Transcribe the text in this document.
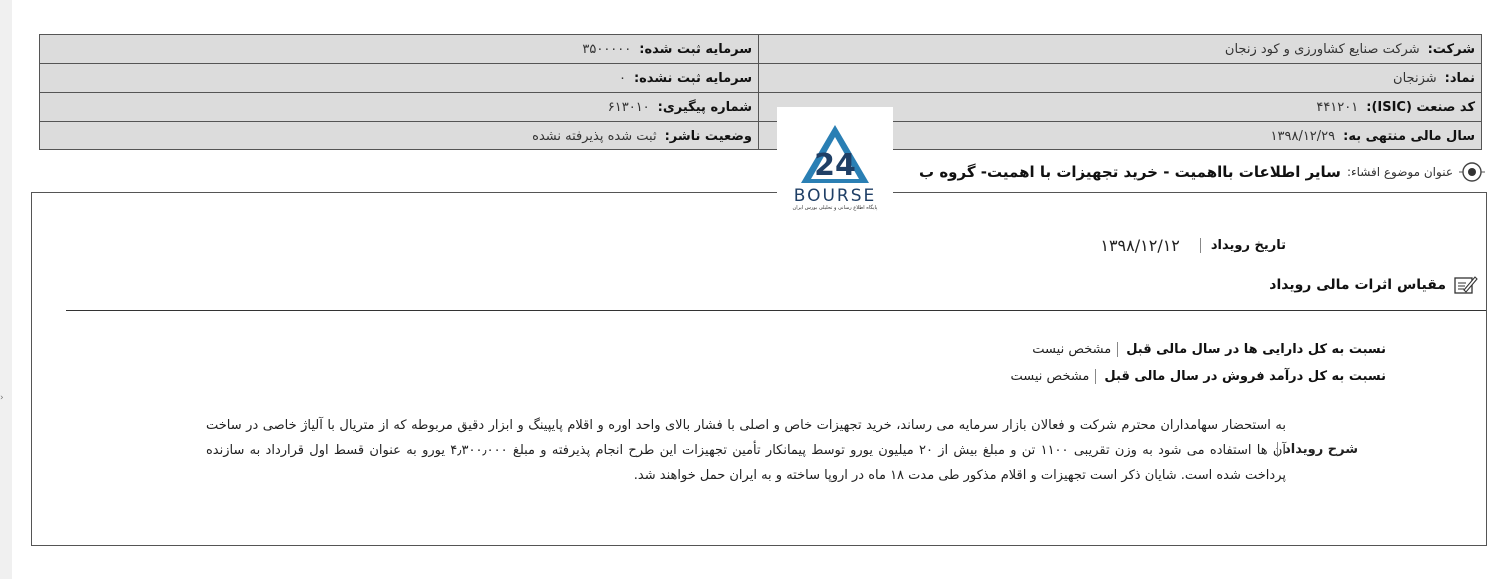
›
شرکت:
شرکت صنایع کشاورزی و کود زنجان
سرمایه ثبت شده:
۳۵۰۰۰۰۰
نماد:
شزنجان
سرمایه ثبت نشده:
۰
کد صنعت (ISIC):
۴۴۱۲۰۱
شماره پیگیری:
۶۱۳۰۱۰
سال مالی منتهی به:
۱۳۹۸/۱۲/۲۹
وضعیت ناشر:
ثبت شده پذیرفته نشده
عنوان موضوع افشاء:
سایر اطلاعات بااهمیت - خرید تجهیزات با اهمیت- گروه ب
تاریخ رویداد
۱۳۹۸/۱۲/۱۲
مقیاس اثرات مالی رویداد
نسبت به کل دارایی ها در سال مالی قبل
مشخص نیست
نسبت به کل درآمد فروش در سال مالی قبل
مشخص نیست
شرح رویداد
به استحضار سهامداران محترم شرکت و فعالان بازار سرمایه می رساند، خرید تجهیزات خاص و اصلی با فشار بالای واحد اوره و اقلام پایپینگ و ابزار دقیق مربوطه که از متریال با آلیاژ خاصی در ساخت آن ها استفاده می شود به وزن تقریبی ۱۱۰۰ تن و مبلغ بیش از ۲۰ میلیون یورو توسط پیمانکار تأمین تجهیزات این طرح انجام پذیرفته و مبلغ ۴٫۳۰۰٫۰۰۰ یورو به عنوان قسط اول قرارداد به سازنده پرداخت شده است. شایان ذکر است تجهیزات و اقلام مذکور طی مدت ۱۸ ماه در اروپا ساخته و به ایران حمل خواهند شد.
24
BOURSE
پایگاه اطلاع رسانی و تحلیلی بورس ایران
